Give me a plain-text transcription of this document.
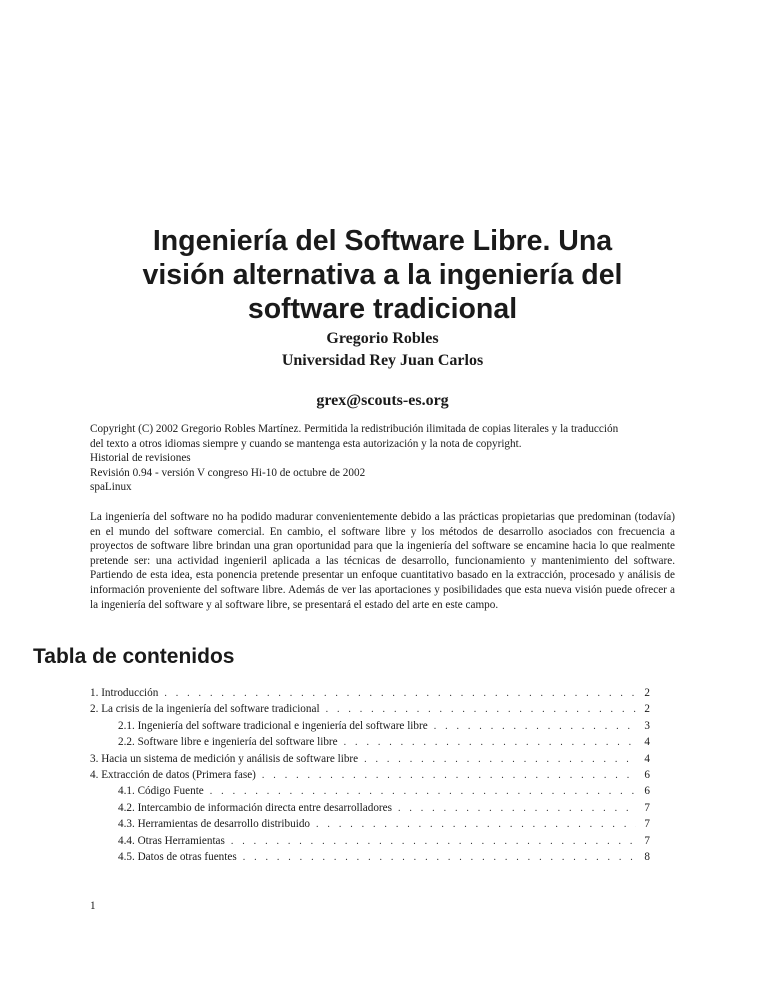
Ingeniería del Software Libre. Una
visión alternativa a la ingeniería del
software tradicional
Gregorio Robles
Universidad Rey Juan Carlos
grex@scouts-es.org
Copyright (C) 2002 Gregorio Robles Martínez. Permitida la redistribución ilimitada de copias literales y la traducción
del texto a otros idiomas siempre y cuando se mantenga esta autorización y la nota de copyright.
Historial de revisiones
Revisión 0.94 - versión V congreso Hi-10 de octubre de 2002
spaLinux

La ingeniería del software no ha podido madurar convenientemente debido a las prácticas propietarias que predominan (todavía) en el mundo del software comercial. En cambio, el software libre y los métodos de desarrollo asociados con frecuencia a proyectos de software libre brindan una gran oportunidad para que la ingeniería del software se encamine hacia lo que realmente pretende ser: una actividad ingenieril aplicada a las técnicas de desarrollo, funcionamiento y mantenimiento del software. Partiendo de esta idea, esta ponencia pretende presentar un enfoque cuantitativo basado en la extracción, procesado y análisis de información proveniente del software libre. Además de ver las aportaciones y posibilidades que esta nueva visión puede ofrecer a la ingeniería del software y al software libre, se presentará el estado del arte en este campo.

Tabla de contenidos
1. Introducción . . .	2
2. La crisis de la ingeniería del software tradicional . . .	2
2.1. Ingeniería del software tradicional e ingeniería del software libre . . .	3
2.2. Software libre e ingeniería del software libre . . .	4
3. Hacia un sistema de medición y análisis de software libre . . .	4
4. Extracción de datos (Primera fase) . . .	6
4.1. Código Fuente . . .	6
4.2. Intercambio de información directa entre desarrolladores . . .	7
4.3. Herramientas de desarrollo distribuido . . .	7
4.4. Otras Herramientas . . .	7
4.5. Datos de otras fuentes . . .	8
1
